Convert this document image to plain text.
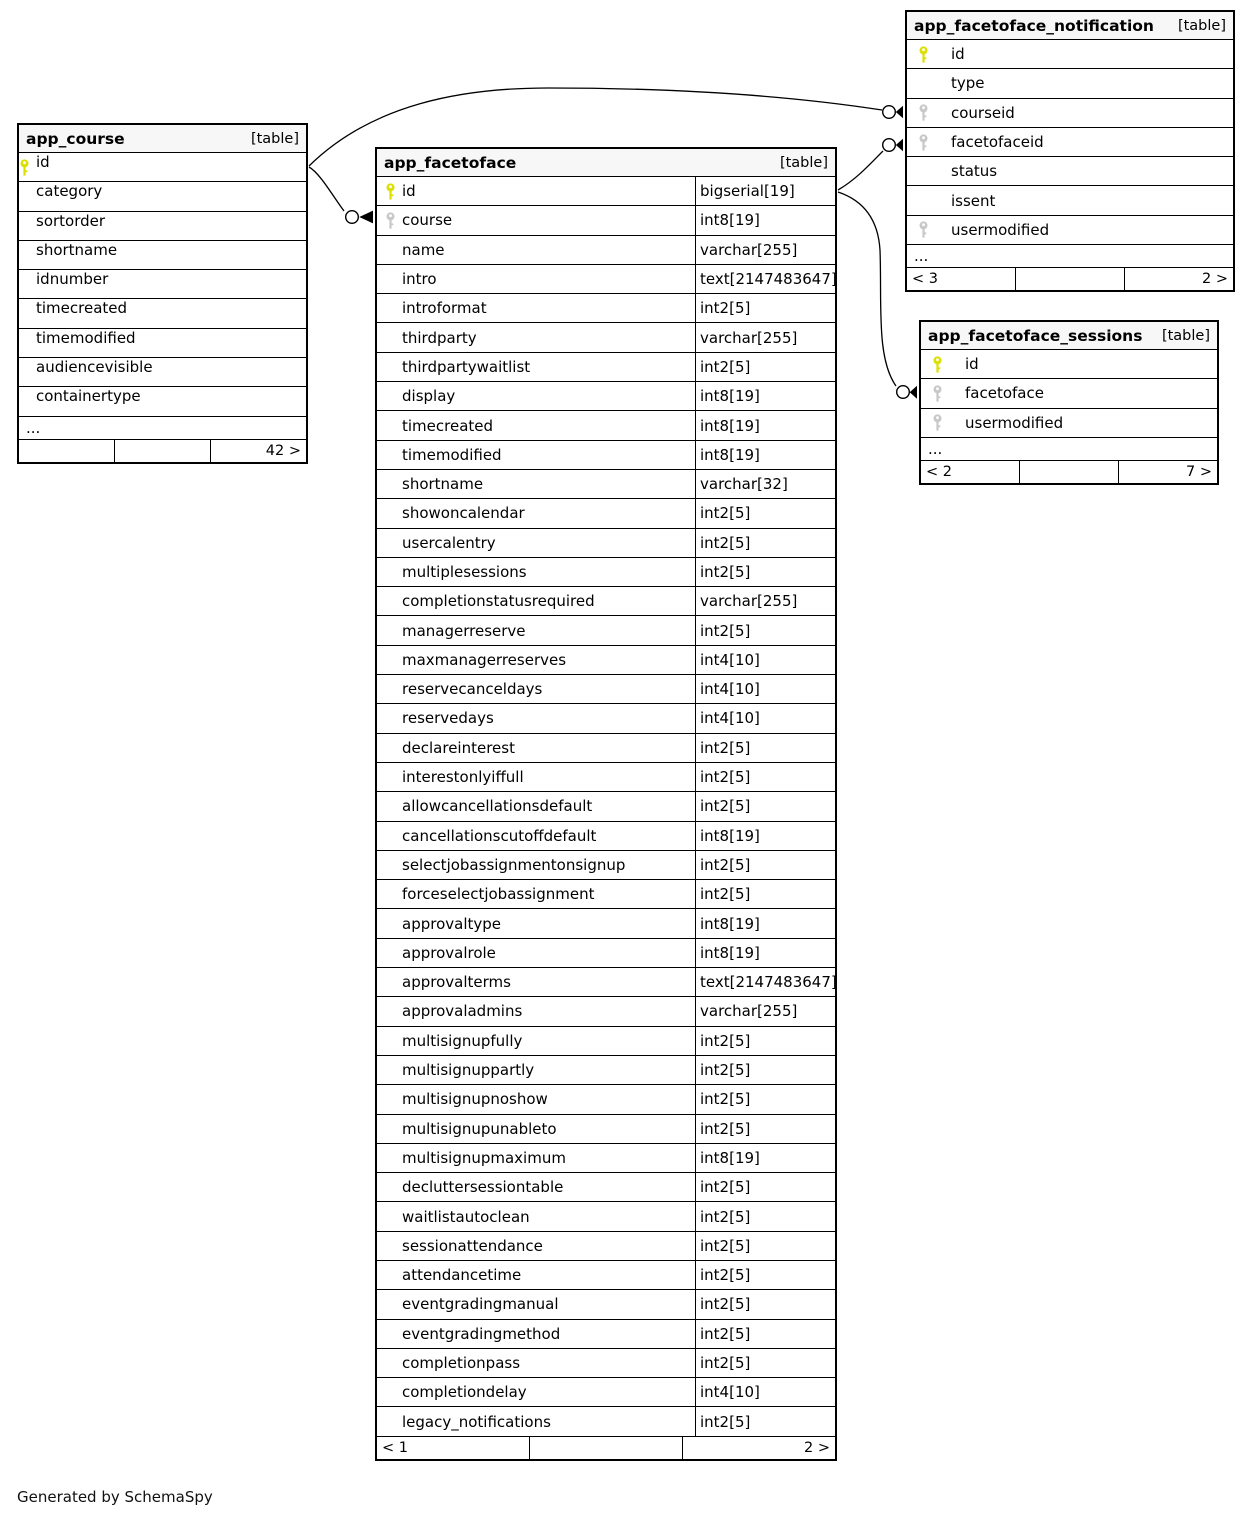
app_course	[table]
id
category
sortorder
shortname
idnumber
timecreated
timemodified
audiencevisible
containertype
...
42 >
app_facetoface	[table]
id	bigserial[19]
course	int8[19]
name	varchar[255]
intro	text[2147483647]
introformat	int2[5]
thirdparty	varchar[255]
thirdpartywaitlist	int2[5]
display	int8[19]
timecreated	int8[19]
timemodified	int8[19]
shortname	varchar[32]
showoncalendar	int2[5]
usercalentry	int2[5]
multiplesessions	int2[5]
completionstatusrequired	varchar[255]
managerreserve	int2[5]
maxmanagerreserves	int4[10]
reservecanceldays	int4[10]
reservedays	int4[10]
declareinterest	int2[5]
interestonlyiffull	int2[5]
allowcancellationsdefault	int2[5]
cancellationscutoffdefault	int8[19]
selectjobassignmentonsignup	int2[5]
forceselectjobassignment	int2[5]
approvaltype	int8[19]
approvalrole	int8[19]
approvalterms	text[2147483647]
approvaladmins	varchar[255]
multisignupfully	int2[5]
multisignuppartly	int2[5]
multisignupnoshow	int2[5]
multisignupunableto	int2[5]
multisignupmaximum	int8[19]
decluttersessiontable	int2[5]
waitlistautoclean	int2[5]
sessionattendance	int2[5]
attendancetime	int2[5]
eventgradingmanual	int2[5]
eventgradingmethod	int2[5]
completionpass	int2[5]
completiondelay	int4[10]
legacy_notifications	int2[5]
< 1	2 >
app_facetoface_notification	[table]
id
type
courseid
facetofaceid
status
issent
usermodified
...
< 3	2 >
app_facetoface_sessions	[table]
id
facetoface
usermodified
...
< 2	7 >
Generated by SchemaSpy
